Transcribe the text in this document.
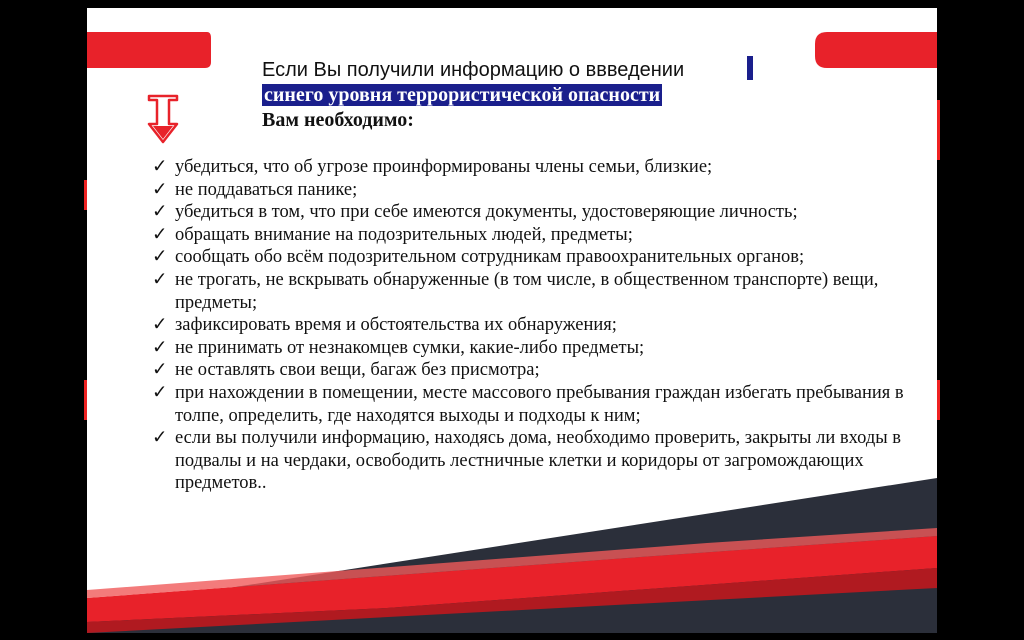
Если Вы получили информацию о ввведении
синего уровня террористической опасности
Вам необходимо:
✓ убедиться, что об угрозе проинформированы члены семьи, близкие;
✓ не поддаваться панике;
✓ убедиться в том, что при себе имеются документы, удостоверяющие личность;
✓ обращать внимание на подозрительных людей, предметы;
✓ сообщать обо всём подозрительном сотрудникам правоохранительных органов;
✓ не трогать, не вскрывать обнаруженные (в том числе, в общественном транспорте) вещи, предметы;
✓ зафиксировать время и обстоятельства их обнаружения;
✓ не принимать от незнакомцев сумки, какие-либо предметы;
✓ не оставлять свои вещи, багаж без присмотра;
✓ при нахождении в помещении, месте массового пребывания граждан избегать пребывания в толпе, определить, где находятся выходы и подходы к ним;
✓ если вы получили информацию, находясь дома, необходимо проверить, закрыты ли входы в подвалы и на чердаки, освободить лестничные клетки и коридоры от загромождающих предметов..
